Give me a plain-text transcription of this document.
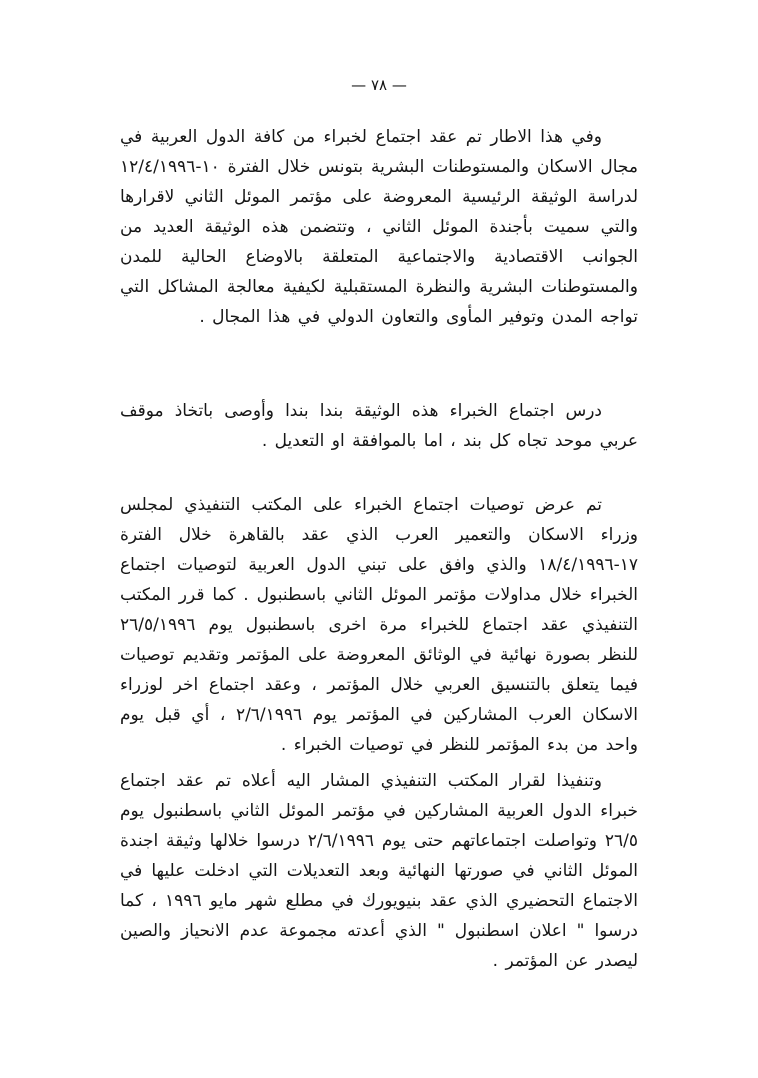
— ٧٨ —

وفي هذا الاطار تم عقد اجتماع لخبراء من كافة الدول العربية في مجال الاسكان والمستوطنات البشرية بتونس خلال الفترة ١٠-١٢/٤/١٩٩٦ لدراسة الوثيقة الرئيسية المعروضة على مؤتمر الموئل الثاني لاقرارها والتي سميت بأجندة الموئل الثاني ، وتتضمن هذه الوثيقة العديد من الجوانب الاقتصادية والاجتماعية المتعلقة بالاوضاع الحالية للمدن والمستوطنات البشرية والنظرة المستقبلية لكيفية معالجة المشاكل التي تواجه المدن وتوفير المأوى والتعاون الدولي في هذا المجال .

درس اجتماع الخبراء هذه الوثيقة بندا بندا وأوصى باتخاذ موقف عربي موحد تجاه كل بند ، اما بالموافقة او التعديل .

تم عرض توصيات اجتماع الخبراء على المكتب التنفيذي لمجلس وزراء الاسكان والتعمير العرب الذي عقد بالقاهرة خلال الفترة ١٧-١٨/٤/١٩٩٦ والذي وافق على تبني الدول العربية لتوصيات اجتماع الخبراء خلال مداولات مؤتمر الموئل الثاني باسطنبول . كما قرر المكتب التنفيذي عقد اجتماع للخبراء مرة اخرى باسطنبول يوم ٢٦/٥/١٩٩٦ للنظر بصورة نهائية في الوثائق المعروضة على المؤتمر وتقديم توصيات فيما يتعلق بالتنسيق العربي خلال المؤتمر ، وعقد اجتماع اخر لوزراء الاسكان العرب المشاركين في المؤتمر يوم ٢/٦/١٩٩٦ ، أي قبل يوم واحد من بدء المؤتمر للنظر في توصيات الخبراء .

وتنفيذا لقرار المكتب التنفيذي المشار اليه أعلاه تم عقد اجتماع خبراء الدول العربية المشاركين في مؤتمر الموئل الثاني باسطنبول يوم ٢٦/٥ وتواصلت اجتماعاتهم حتى يوم ٢/٦/١٩٩٦ درسوا خلالها وثيقة اجندة الموئل الثاني في صورتها النهائية وبعد التعديلات التي ادخلت عليها في الاجتماع التحضيري الذي عقد بنيويورك في مطلع شهر مايو ١٩٩٦ ، كما درسوا " اعلان اسطنبول " الذي أعدته مجموعة عدم الانحياز والصين ليصدر عن المؤتمر .
